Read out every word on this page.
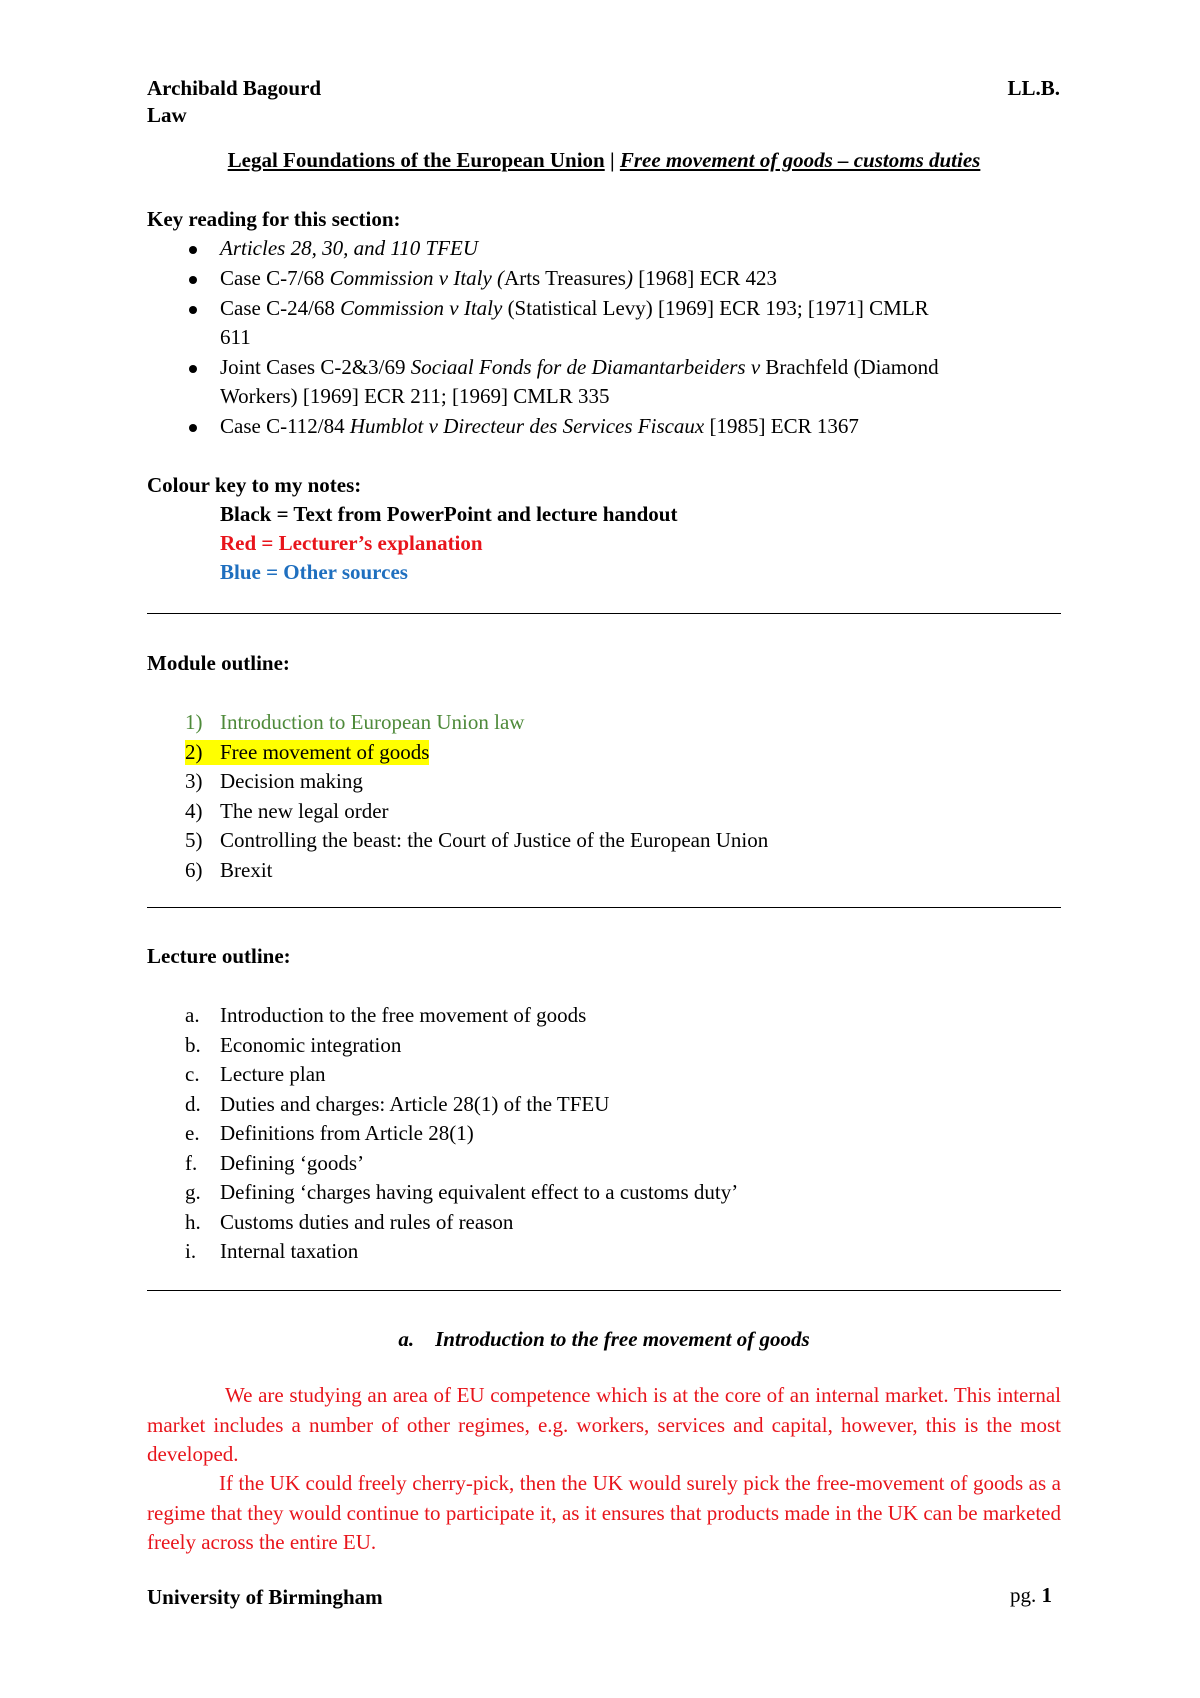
Archibald Bagourd	LL.B.
Law
Legal Foundations of the European Union | Free movement of goods – customs duties
Key reading for this section:
Articles 28, 30, and 110 TFEU
Case C-7/68 Commission v Italy (Arts Treasures) [1968] ECR 423
Case C-24/68 Commission v Italy (Statistical Levy) [1969] ECR 193; [1971] CMLR
611
Joint Cases C-2&3/69 Sociaal Fonds for de Diamantarbeiders v Brachfeld (Diamond
Workers) [1969] ECR 211; [1969] CMLR 335
Case C-112/84 Humblot v Directeur des Services Fiscaux [1985] ECR 1367
Colour key to my notes:
Black = Text from PowerPoint and lecture handout
Red = Lecturer’s explanation
Blue = Other sources
Module outline:
1) Introduction to European Union law
2) Free movement of goods
3) Decision making
4) The new legal order
5) Controlling the beast: the Court of Justice of the European Union
6) Brexit
Lecture outline:
a. Introduction to the free movement of goods
b. Economic integration
c. Lecture plan
d. Duties and charges: Article 28(1) of the TFEU
e. Definitions from Article 28(1)
f. Defining ‘goods’
g. Defining ‘charges having equivalent effect to a customs duty’
h. Customs duties and rules of reason
i. Internal taxation
a. Introduction to the free movement of goods
We are studying an area of EU competence which is at the core of an internal market. This internal market includes a number of other regimes, e.g. workers, services and capital, however, this is the most developed.
If the UK could freely cherry-pick, then the UK would surely pick the free-movement of goods as a regime that they would continue to participate it, as it ensures that products made in the UK can be marketed freely across the entire EU.
University of Birmingham	pg. 1
